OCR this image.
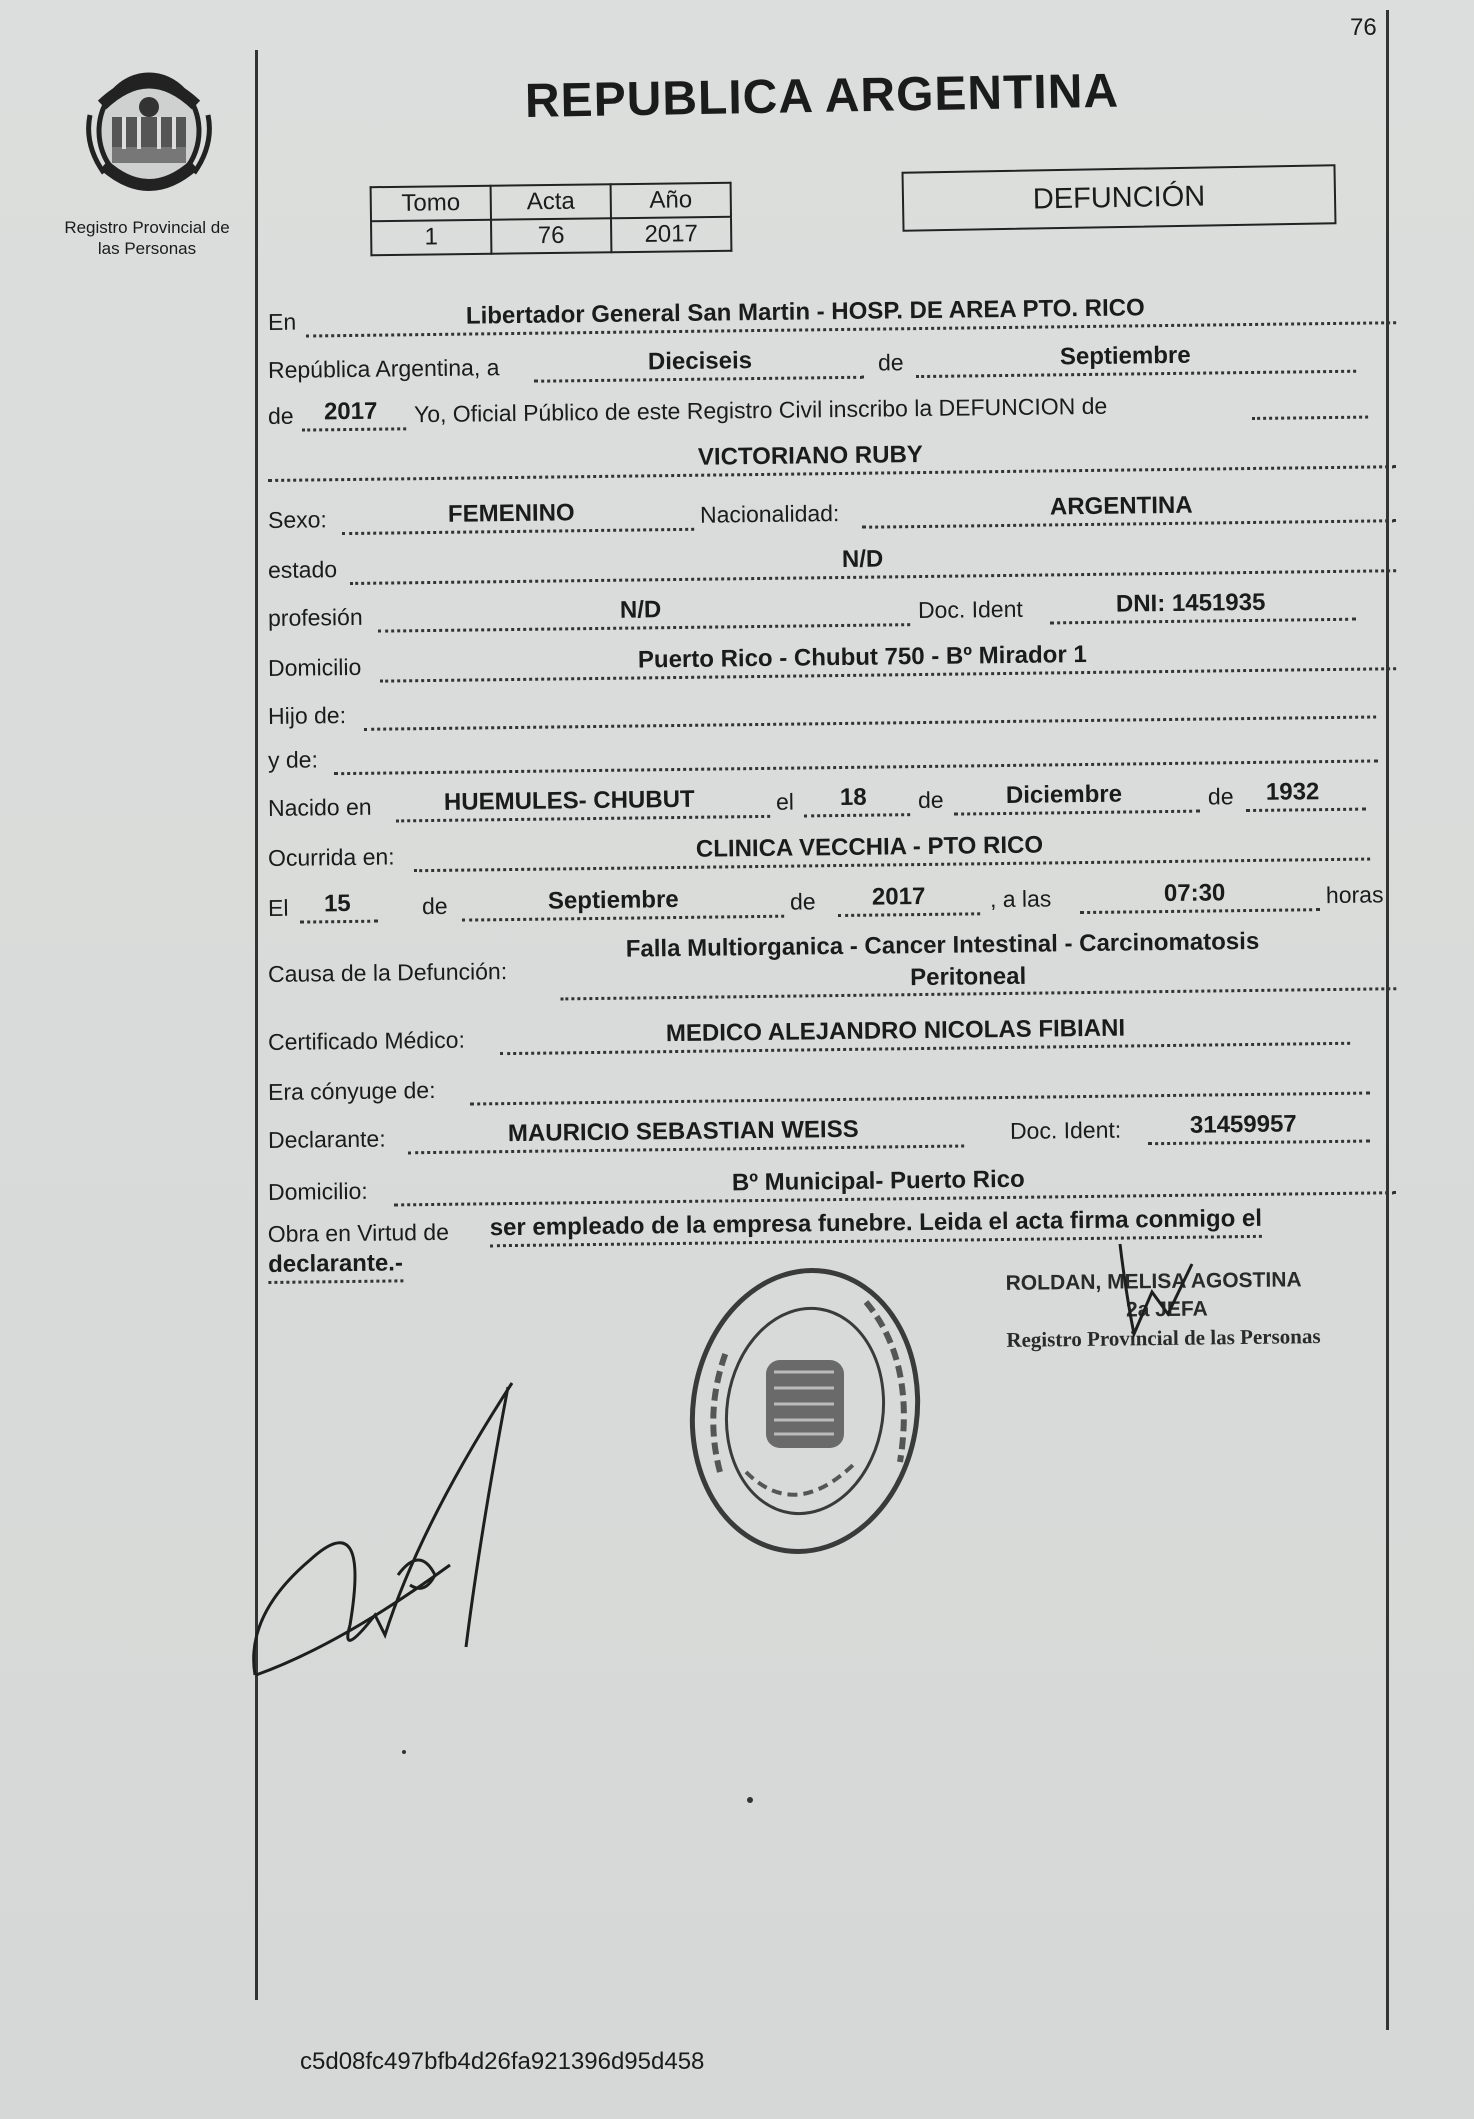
76
Registro Provincial de las Personas
REPUBLICA ARGENTINA
Tomo	Acta	Año
1	76	2017
DEFUNCIÓN
En	Libertador General San Martin - HOSP. DE AREA PTO. RICO
República Argentina, a	Dieciseis	de	Septiembre
de 2017 Yo, Oficial Público de este Registro Civil inscribo la DEFUNCION de
VICTORIANO RUBY
Sexo:	FEMENINO	Nacionalidad:	ARGENTINA
estado	N/D
profesión	N/D	Doc. Ident	DNI: 1451935
Domicilio	Puerto Rico - Chubut 750 - Bº Mirador 1
Hijo de:
y de:
Nacido en	HUEMULES- CHUBUT	el 18 de	Diciembre	de 1932
Ocurrida en:	CLINICA VECCHIA - PTO RICO
El 15	de	Septiembre	de 2017	, a las	07:30	horas
Causa de la Defunción:
Falla Multiorganica - Cancer Intestinal - Carcinomatosis
Peritoneal
Certificado Médico:	MEDICO ALEJANDRO NICOLAS FIBIANI
Era cónyuge de:
Declarante:	MAURICIO SEBASTIAN WEISS	Doc. Ident:	31459957
Domicilio:	Bº Municipal- Puerto Rico
Obra en Virtud de ser empleado de la empresa funebre. Leida el acta firma conmigo el
declarante.-
ROLDAN, MELISA AGOSTINA
2a JEFA
Registro Provincial de las Personas
c5d08fc497bfb4d26fa921396d95d458
